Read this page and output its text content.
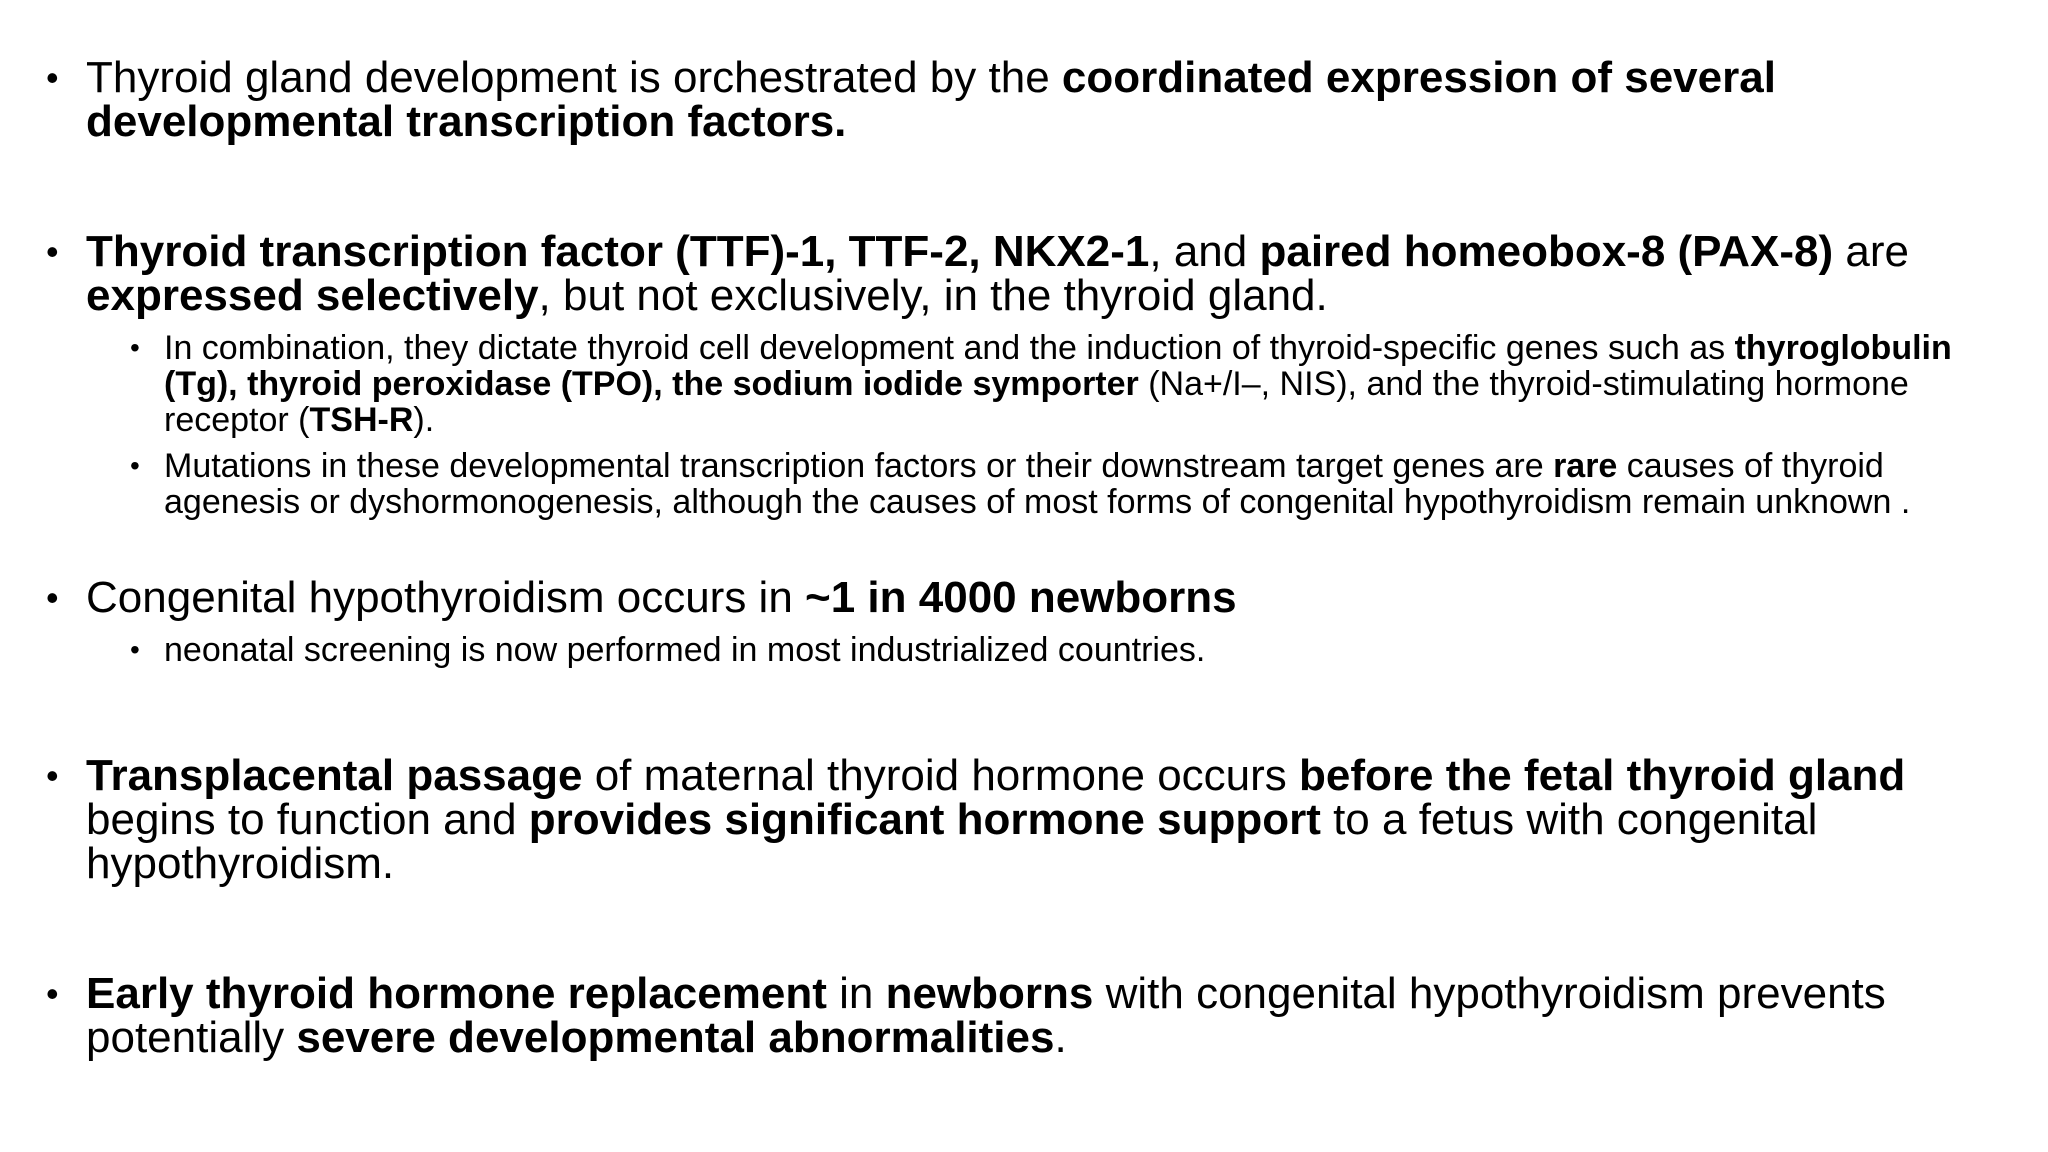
• Thyroid gland development is orchestrated by the coordinated expression of several developmental transcription factors.
• Thyroid transcription factor (TTF)-1, TTF-2, NKX2-1, and paired homeobox-8 (PAX-8) are expressed selectively, but not exclusively, in the thyroid gland.
• In combination, they dictate thyroid cell development and the induction of thyroid-specific genes such as thyroglobulin (Tg), thyroid peroxidase (TPO), the sodium iodide symporter (Na+/I–, NIS), and the thyroid-stimulating hormone receptor (TSH-R).
• Mutations in these developmental transcription factors or their downstream target genes are rare causes of thyroid agenesis or dyshormonogenesis, although the causes of most forms of congenital hypothyroidism remain unknown .
• Congenital hypothyroidism occurs in ~1 in 4000 newborns
• neonatal screening is now performed in most industrialized countries.
• Transplacental passage of maternal thyroid hormone occurs before the fetal thyroid gland begins to function and provides significant hormone support to a fetus with congenital hypothyroidism.
• Early thyroid hormone replacement in newborns with congenital hypothyroidism prevents potentially severe developmental abnormalities.
